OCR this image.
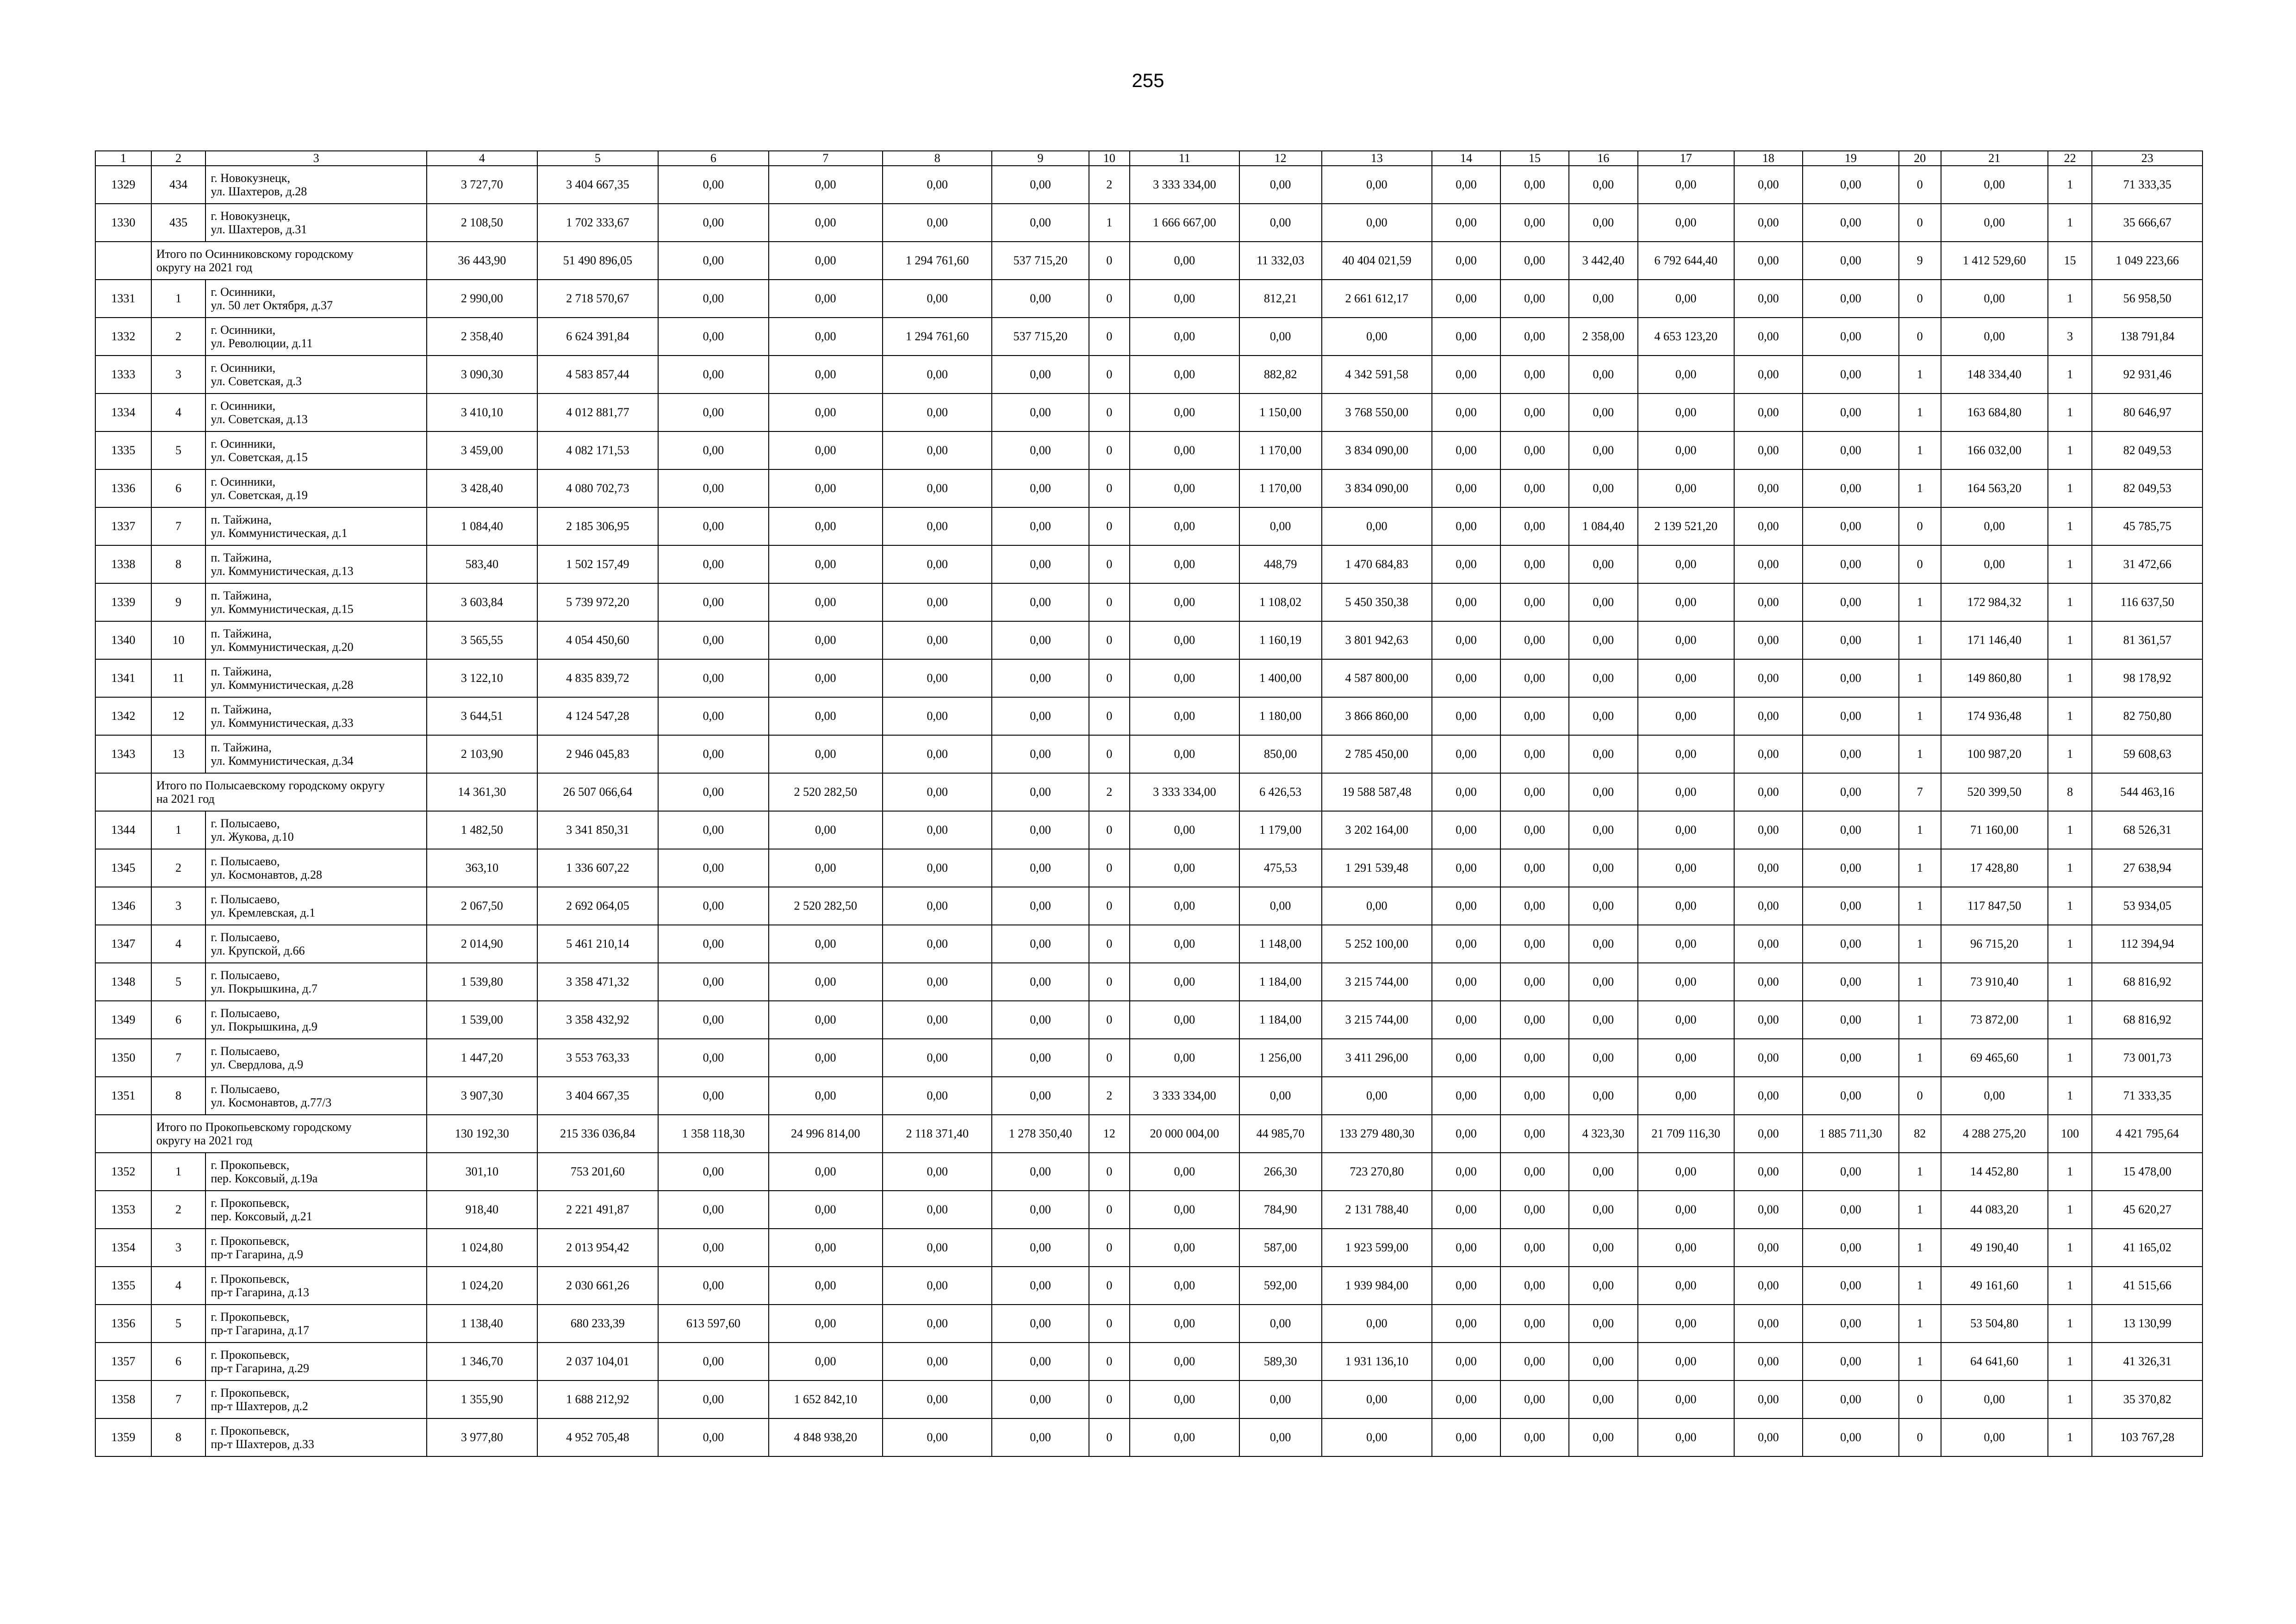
255
1	2	3	4	5	6	7	8	9	10	11	12	13	14	15	16	17	18	19	20	21	22	23
1329	434	г. Новокузнецк,
ул. Шахтеров, д.28	3 727,70	3 404 667,35	0,00	0,00	0,00	0,00	2	3 333 334,00	0,00	0,00	0,00	0,00	0,00	0,00	0,00	0,00	0	0,00	1	71 333,35
1330	435	г. Новокузнецк,
ул. Шахтеров, д.31	2 108,50	1 702 333,67	0,00	0,00	0,00	0,00	1	1 666 667,00	0,00	0,00	0,00	0,00	0,00	0,00	0,00	0,00	0	0,00	1	35 666,67

	Итого по Осинниковскому городскому
округу на 2021 год		36 443,90	51 490 896,05	0,00	0,00	1 294 761,60	537 715,20	0	0,00	11 332,03	40 404 021,59	0,00	0,00	3 442,40	6 792 644,40	0,00	0,00	9	1 412 529,60	15	1 049 223,66
1331	1	г. Осинники,
ул. 50 лет Октября, д.37	2 990,00	2 718 570,67	0,00	0,00	0,00	0,00	0	0,00	812,21	2 661 612,17	0,00	0,00	0,00	0,00	0,00	0,00	0	0,00	1	56 958,50
1332	2	г. Осинники,
ул. Революции, д.11	2 358,40	6 624 391,84	0,00	0,00	1 294 761,60	537 715,20	0	0,00	0,00	0,00	0,00	0,00	2 358,00	4 653 123,20	0,00	0,00	0	0,00	3	138 791,84
1333	3	г. Осинники,
ул. Советская, д.3	3 090,30	4 583 857,44	0,00	0,00	0,00	0,00	0	0,00	882,82	4 342 591,58	0,00	0,00	0,00	0,00	0,00	0,00	1	148 334,40	1	92 931,46
1334	4	г. Осинники,
ул. Советская, д.13	3 410,10	4 012 881,77	0,00	0,00	0,00	0,00	0	0,00	1 150,00	3 768 550,00	0,00	0,00	0,00	0,00	0,00	0,00	1	163 684,80	1	80 646,97
1335	5	г. Осинники,
ул. Советская, д.15	3 459,00	4 082 171,53	0,00	0,00	0,00	0,00	0	0,00	1 170,00	3 834 090,00	0,00	0,00	0,00	0,00	0,00	0,00	1	166 032,00	1	82 049,53
1336	6	г. Осинники,
ул. Советская, д.19	3 428,40	4 080 702,73	0,00	0,00	0,00	0,00	0	0,00	1 170,00	3 834 090,00	0,00	0,00	0,00	0,00	0,00	0,00	1	164 563,20	1	82 049,53
1337	7	п. Тайжина,
ул. Коммунистическая, д.1	1 084,40	2 185 306,95	0,00	0,00	0,00	0,00	0	0,00	0,00	0,00	0,00	0,00	1 084,40	2 139 521,20	0,00	0,00	0	0,00	1	45 785,75
1338	8	п. Тайжина,
ул. Коммунистическая, д.13	583,40	1 502 157,49	0,00	0,00	0,00	0,00	0	0,00	448,79	1 470 684,83	0,00	0,00	0,00	0,00	0,00	0,00	0	0,00	1	31 472,66
1339	9	п. Тайжина,
ул. Коммунистическая, д.15	3 603,84	5 739 972,20	0,00	0,00	0,00	0,00	0	0,00	1 108,02	5 450 350,38	0,00	0,00	0,00	0,00	0,00	0,00	1	172 984,32	1	116 637,50
1340	10	п. Тайжина,
ул. Коммунистическая, д.20	3 565,55	4 054 450,60	0,00	0,00	0,00	0,00	0	0,00	1 160,19	3 801 942,63	0,00	0,00	0,00	0,00	0,00	0,00	1	171 146,40	1	81 361,57
1341	11	п. Тайжина,
ул. Коммунистическая, д.28	3 122,10	4 835 839,72	0,00	0,00	0,00	0,00	0	0,00	1 400,00	4 587 800,00	0,00	0,00	0,00	0,00	0,00	0,00	1	149 860,80	1	98 178,92
1342	12	п. Тайжина,
ул. Коммунистическая, д.33	3 644,51	4 124 547,28	0,00	0,00	0,00	0,00	0	0,00	1 180,00	3 866 860,00	0,00	0,00	0,00	0,00	0,00	0,00	1	174 936,48	1	82 750,80
1343	13	п. Тайжина,
ул. Коммунистическая, д.34	2 103,90	2 946 045,83	0,00	0,00	0,00	0,00	0	0,00	850,00	2 785 450,00	0,00	0,00	0,00	0,00	0,00	0,00	1	100 987,20	1	59 608,63

	Итого по Полысаевскому городскому округу
на 2021 год		14 361,30	26 507 066,64	0,00	2 520 282,50	0,00	0,00	2	3 333 334,00	6 426,53	19 588 587,48	0,00	0,00	0,00	0,00	0,00	0,00	7	520 399,50	8	544 463,16
1344	1	г. Полысаево,
ул. Жукова, д.10	1 482,50	3 341 850,31	0,00	0,00	0,00	0,00	0	0,00	1 179,00	3 202 164,00	0,00	0,00	0,00	0,00	0,00	0,00	1	71 160,00	1	68 526,31
1345	2	г. Полысаево,
ул. Космонавтов, д.28	363,10	1 336 607,22	0,00	0,00	0,00	0,00	0	0,00	475,53	1 291 539,48	0,00	0,00	0,00	0,00	0,00	0,00	1	17 428,80	1	27 638,94
1346	3	г. Полысаево,
ул. Кремлевская, д.1	2 067,50	2 692 064,05	0,00	2 520 282,50	0,00	0,00	0	0,00	0,00	0,00	0,00	0,00	0,00	0,00	0,00	0,00	1	117 847,50	1	53 934,05
1347	4	г. Полысаево,
ул. Крупской, д.66	2 014,90	5 461 210,14	0,00	0,00	0,00	0,00	0	0,00	1 148,00	5 252 100,00	0,00	0,00	0,00	0,00	0,00	0,00	1	96 715,20	1	112 394,94
1348	5	г. Полысаево,
ул. Покрышкина, д.7	1 539,80	3 358 471,32	0,00	0,00	0,00	0,00	0	0,00	1 184,00	3 215 744,00	0,00	0,00	0,00	0,00	0,00	0,00	1	73 910,40	1	68 816,92
1349	6	г. Полысаево,
ул. Покрышкина, д.9	1 539,00	3 358 432,92	0,00	0,00	0,00	0,00	0	0,00	1 184,00	3 215 744,00	0,00	0,00	0,00	0,00	0,00	0,00	1	73 872,00	1	68 816,92
1350	7	г. Полысаево,
ул. Свердлова, д.9	1 447,20	3 553 763,33	0,00	0,00	0,00	0,00	0	0,00	1 256,00	3 411 296,00	0,00	0,00	0,00	0,00	0,00	0,00	1	69 465,60	1	73 001,73
1351	8	г. Полысаево,
ул. Космонавтов, д.77/3	3 907,30	3 404 667,35	0,00	0,00	0,00	0,00	2	3 333 334,00	0,00	0,00	0,00	0,00	0,00	0,00	0,00	0,00	0	0,00	1	71 333,35

	Итого по Прокопьевскому городскому
округу на 2021 год		130 192,30	215 336 036,84	1 358 118,30	24 996 814,00	2 118 371,40	1 278 350,40	12	20 000 004,00	44 985,70	133 279 480,30	0,00	0,00	4 323,30	21 709 116,30	0,00	1 885 711,30	82	4 288 275,20	100	4 421 795,64
1352	1	г. Прокопьевск,
пер. Коксовый, д.19а	301,10	753 201,60	0,00	0,00	0,00	0,00	0	0,00	266,30	723 270,80	0,00	0,00	0,00	0,00	0,00	0,00	1	14 452,80	1	15 478,00
1353	2	г. Прокопьевск,
пер. Коксовый, д.21	918,40	2 221 491,87	0,00	0,00	0,00	0,00	0	0,00	784,90	2 131 788,40	0,00	0,00	0,00	0,00	0,00	0,00	1	44 083,20	1	45 620,27
1354	3	г. Прокопьевск,
пр-т Гагарина, д.9	1 024,80	2 013 954,42	0,00	0,00	0,00	0,00	0	0,00	587,00	1 923 599,00	0,00	0,00	0,00	0,00	0,00	0,00	1	49 190,40	1	41 165,02
1355	4	г. Прокопьевск,
пр-т Гагарина, д.13	1 024,20	2 030 661,26	0,00	0,00	0,00	0,00	0	0,00	592,00	1 939 984,00	0,00	0,00	0,00	0,00	0,00	0,00	1	49 161,60	1	41 515,66
1356	5	г. Прокопьевск,
пр-т Гагарина, д.17	1 138,40	680 233,39	613 597,60	0,00	0,00	0,00	0	0,00	0,00	0,00	0,00	0,00	0,00	0,00	0,00	0,00	1	53 504,80	1	13 130,99
1357	6	г. Прокопьевск,
пр-т Гагарина, д.29	1 346,70	2 037 104,01	0,00	0,00	0,00	0,00	0	0,00	589,30	1 931 136,10	0,00	0,00	0,00	0,00	0,00	0,00	1	64 641,60	1	41 326,31
1358	7	г. Прокопьевск,
пр-т Шахтеров, д.2	1 355,90	1 688 212,92	0,00	1 652 842,10	0,00	0,00	0	0,00	0,00	0,00	0,00	0,00	0,00	0,00	0,00	0,00	0	0,00	1	35 370,82
1359	8	г. Прокопьевск,
пр-т Шахтеров, д.33	3 977,80	4 952 705,48	0,00	4 848 938,20	0,00	0,00	0	0,00	0,00	0,00	0,00	0,00	0,00	0,00	0,00	0,00	0	0,00	1	103 767,28
